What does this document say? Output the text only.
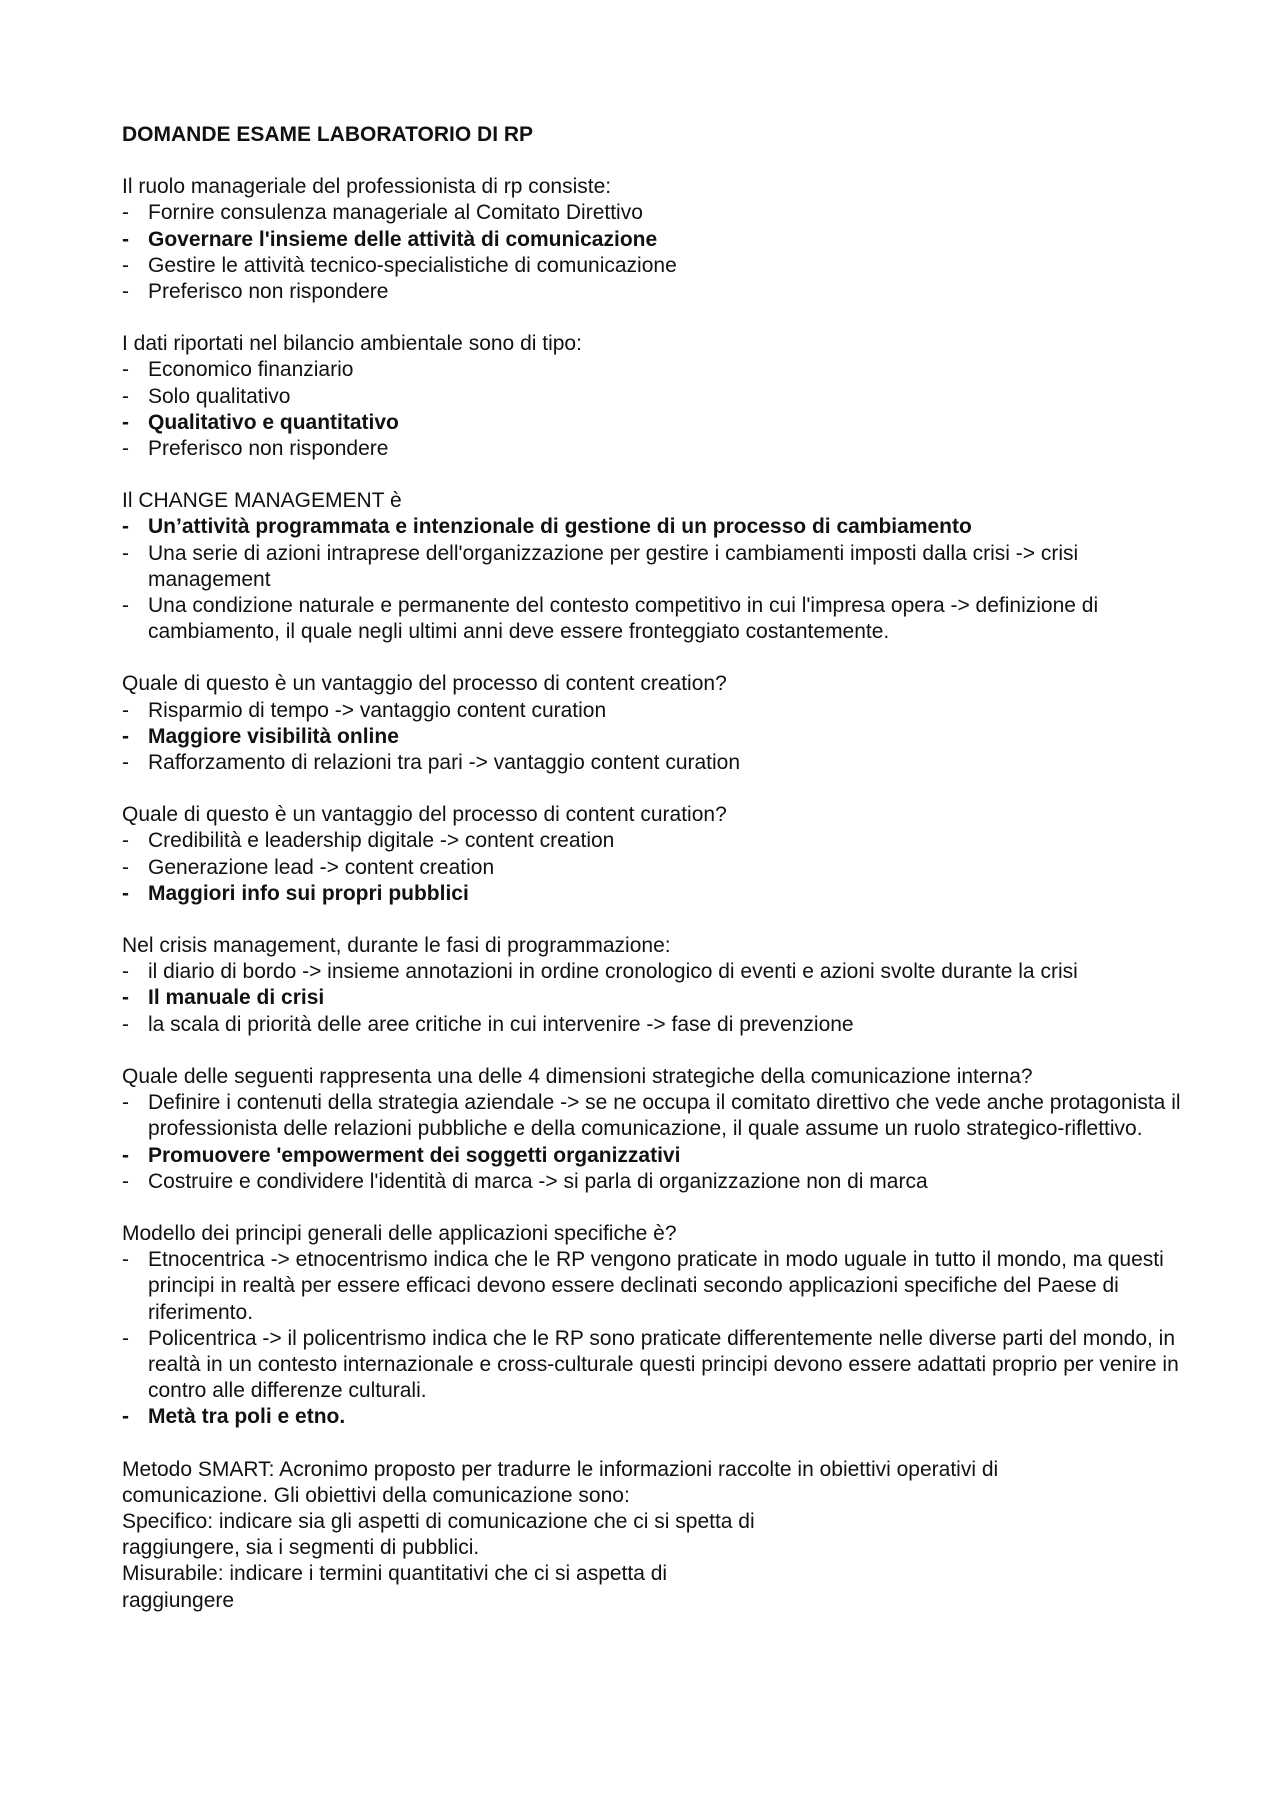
DOMANDE ESAME LABORATORIO DI RP
Il ruolo manageriale del professionista di rp consiste:
- Fornire consulenza manageriale al Comitato Direttivo
- Governare l'insieme delle attività di comunicazione
- Gestire le attività tecnico-specialistiche di comunicazione
- Preferisco non rispondere
I dati riportati nel bilancio ambientale sono di tipo:
- Economico finanziario
- Solo qualitativo
- Qualitativo e quantitativo
- Preferisco non rispondere
Il CHANGE MANAGEMENT è
- Un’attività programmata e intenzionale di gestione di un processo di cambiamento
- Una serie di azioni intraprese dell'organizzazione per gestire i cambiamenti imposti dalla crisi -> crisi management
- Una condizione naturale e permanente del contesto competitivo in cui l'impresa opera -> definizione di cambiamento, il quale negli ultimi anni deve essere fronteggiato costantemente.
Quale di questo è un vantaggio del processo di content creation?
- Risparmio di tempo -> vantaggio content curation
- Maggiore visibilità online
- Rafforzamento di relazioni tra pari -> vantaggio content curation
Quale di questo è un vantaggio del processo di content curation?
- Credibilità e leadership digitale -> content creation
- Generazione lead -> content creation
- Maggiori info sui propri pubblici
Nel crisis management, durante le fasi di programmazione:
- il diario di bordo -> insieme annotazioni in ordine cronologico di eventi e azioni svolte durante la crisi
- Il manuale di crisi
- la scala di priorità delle aree critiche in cui intervenire -> fase di prevenzione
Quale delle seguenti rappresenta una delle 4 dimensioni strategiche della comunicazione interna?
- Definire i contenuti della strategia aziendale -> se ne occupa il comitato direttivo che vede anche protagonista il professionista delle relazioni pubbliche e della comunicazione, il quale assume un ruolo strategico-riflettivo.
- Promuovere 'empowerment dei soggetti organizzativi
- Costruire e condividere l'identità di marca -> si parla di organizzazione non di marca
Modello dei principi generali delle applicazioni specifiche è?
- Etnocentrica -> etnocentrismo indica che le RP vengono praticate in modo uguale in tutto il mondo, ma questi principi in realtà per essere efficaci devono essere declinati secondo applicazioni specifiche del Paese di riferimento.
- Policentrica -> il policentrismo indica che le RP sono praticate differentemente nelle diverse parti del mondo, in realtà in un contesto internazionale e cross-culturale questi principi devono essere adattati proprio per venire in contro alle differenze culturali.
- Metà tra poli e etno.

Metodo SMART: Acronimo proposto per tradurre le informazioni raccolte in obiettivi operativi di

comunicazione. Gli obiettivi della comunicazione sono:

Specifico: indicare sia gli aspetti di comunicazione che ci si spetta di

raggiungere, sia i segmenti di pubblici.

Misurabile: indicare i termini quantitativi che ci si aspetta di

raggiungere
